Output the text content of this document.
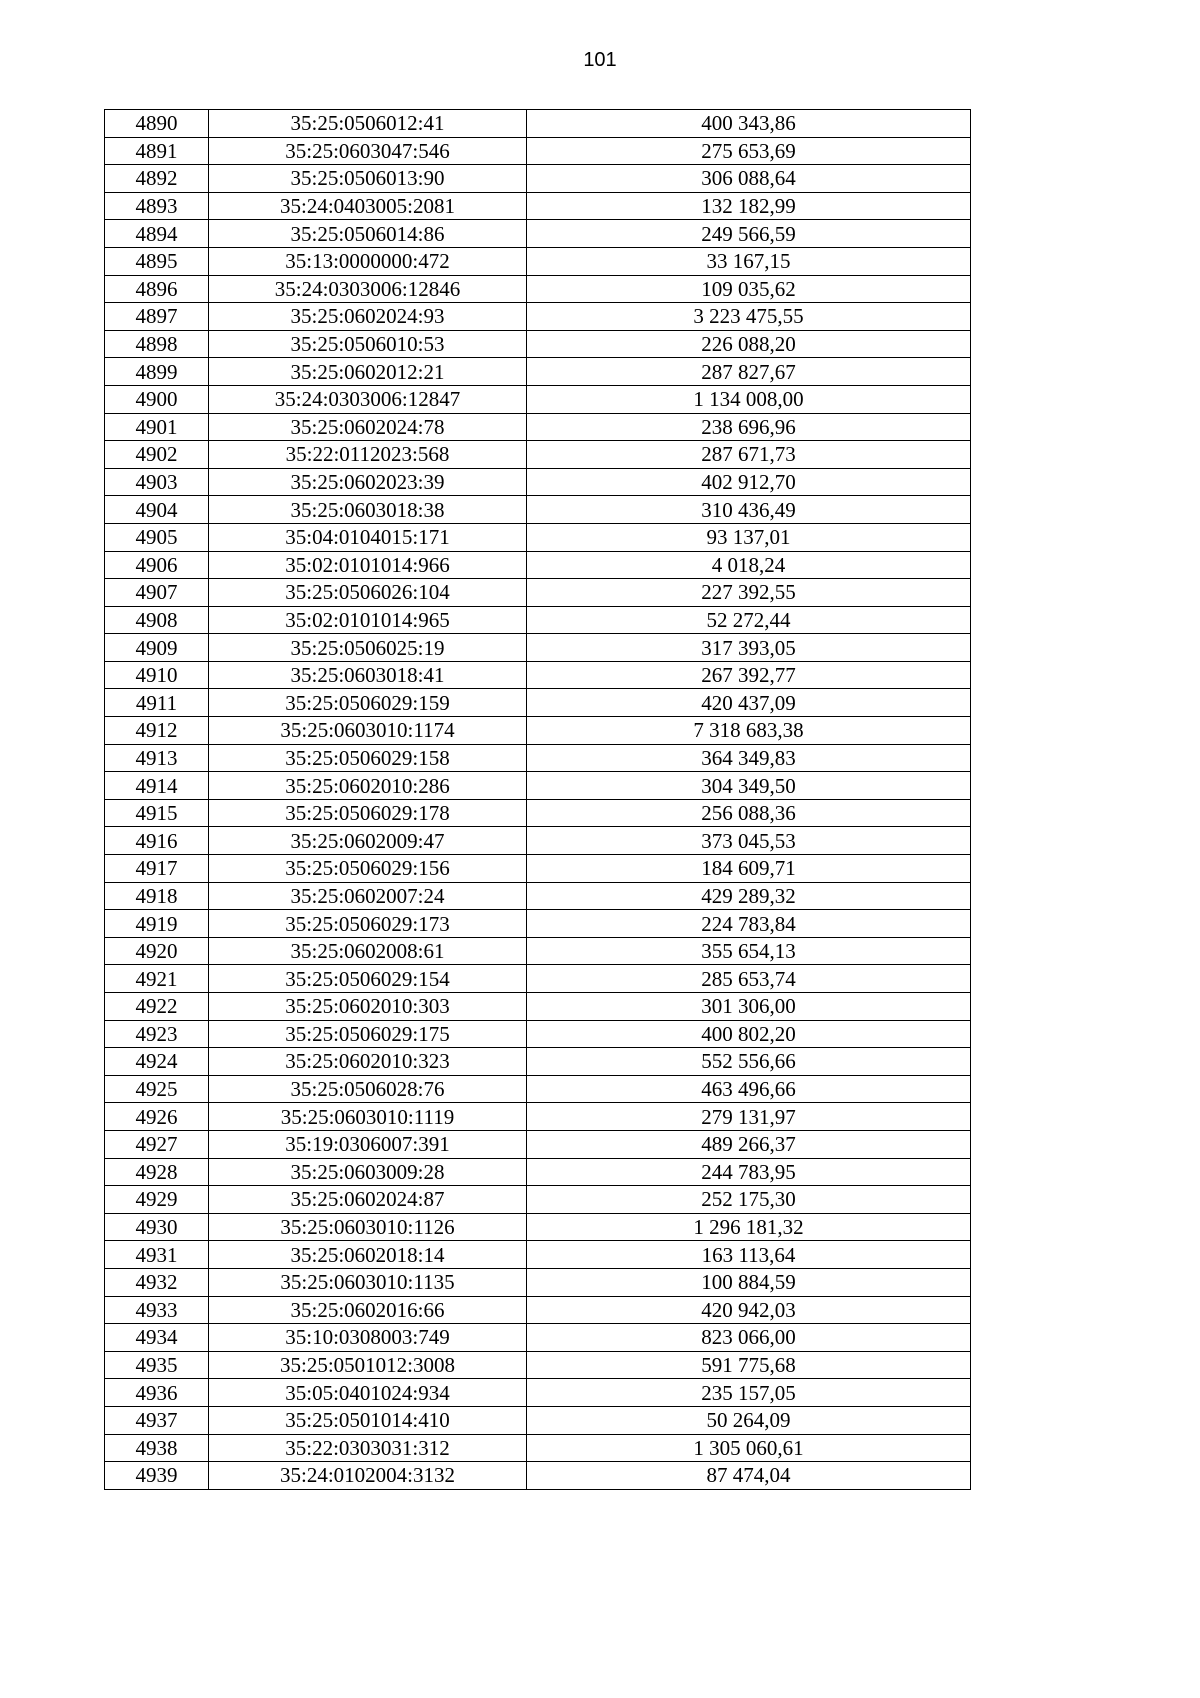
101
4890	35:25:0506012:41	400 343,86
4891	35:25:0603047:546	275 653,69
4892	35:25:0506013:90	306 088,64
4893	35:24:0403005:2081	132 182,99
4894	35:25:0506014:86	249 566,59
4895	35:13:0000000:472	33 167,15
4896	35:24:0303006:12846	109 035,62
4897	35:25:0602024:93	3 223 475,55
4898	35:25:0506010:53	226 088,20
4899	35:25:0602012:21	287 827,67
4900	35:24:0303006:12847	1 134 008,00
4901	35:25:0602024:78	238 696,96
4902	35:22:0112023:568	287 671,73
4903	35:25:0602023:39	402 912,70
4904	35:25:0603018:38	310 436,49
4905	35:04:0104015:171	93 137,01
4906	35:02:0101014:966	4 018,24
4907	35:25:0506026:104	227 392,55
4908	35:02:0101014:965	52 272,44
4909	35:25:0506025:19	317 393,05
4910	35:25:0603018:41	267 392,77
4911	35:25:0506029:159	420 437,09
4912	35:25:0603010:1174	7 318 683,38
4913	35:25:0506029:158	364 349,83
4914	35:25:0602010:286	304 349,50
4915	35:25:0506029:178	256 088,36
4916	35:25:0602009:47	373 045,53
4917	35:25:0506029:156	184 609,71
4918	35:25:0602007:24	429 289,32
4919	35:25:0506029:173	224 783,84
4920	35:25:0602008:61	355 654,13
4921	35:25:0506029:154	285 653,74
4922	35:25:0602010:303	301 306,00
4923	35:25:0506029:175	400 802,20
4924	35:25:0602010:323	552 556,66
4925	35:25:0506028:76	463 496,66
4926	35:25:0603010:1119	279 131,97
4927	35:19:0306007:391	489 266,37
4928	35:25:0603009:28	244 783,95
4929	35:25:0602024:87	252 175,30
4930	35:25:0603010:1126	1 296 181,32
4931	35:25:0602018:14	163 113,64
4932	35:25:0603010:1135	100 884,59
4933	35:25:0602016:66	420 942,03
4934	35:10:0308003:749	823 066,00
4935	35:25:0501012:3008	591 775,68
4936	35:05:0401024:934	235 157,05
4937	35:25:0501014:410	50 264,09
4938	35:22:0303031:312	1 305 060,61
4939	35:24:0102004:3132	87 474,04
